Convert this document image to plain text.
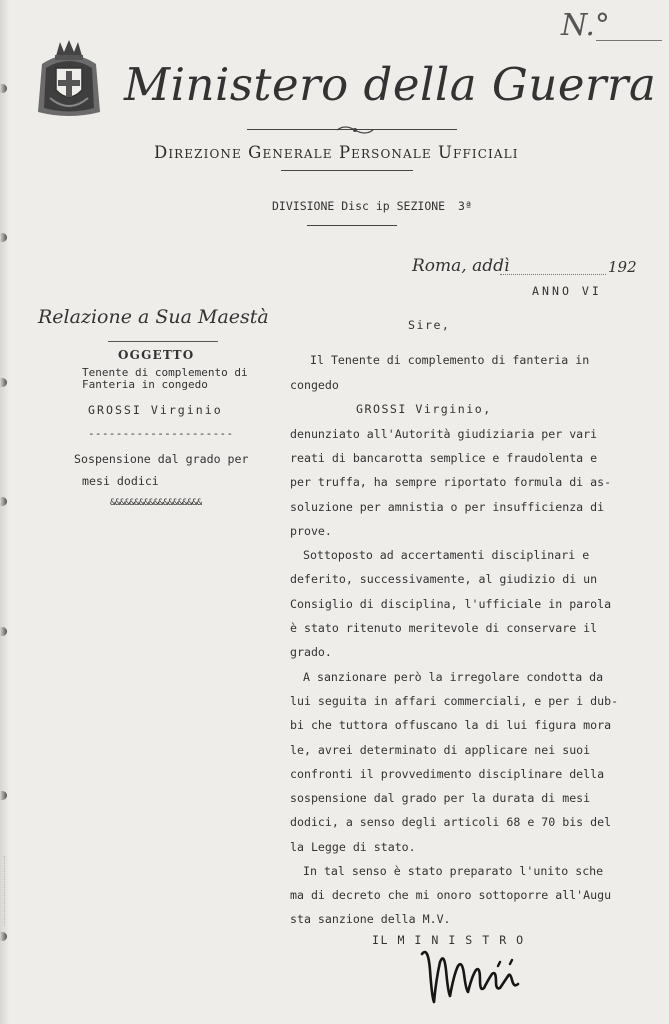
N.°
Ministero della Guerra
Direzione Generale Personale Ufficiali
DIVISIONE Disc ip SEZIONE 3ª
Roma, addì	192
ANNO VI
Relazione a Sua Maestà
OGGETTO
Tenente di complemento di
Fanteria in congedo
GROSSI Virginio
---------------------
Sospensione dal grado per
mesi dodici
&&&&&&&&&&&&&&&&&&&
Sire,
Il Tenente di complemento di fanteria in
congedo
GROSSI Virginio,
denunziato all'Autorità giudiziaria per vari
reati di bancarotta semplice e fraudolenta e
per truffa, ha sempre riportato formula di as-
soluzione per amnistia o per insufficienza di
prove.
Sottoposto ad accertamenti disciplinari e
deferito, successivamente, al giudizio di un
Consiglio di disciplina, l'ufficiale in parola
è stato ritenuto meritevole di conservare il
grado.
A sanzionare però la irregolare condotta da
lui seguita in affari commerciali, e per i dub-
bi che tuttora offuscano la di lui figura mora
le, avrei determinato di applicare nei suoi
confronti il provvedimento disciplinare della
sospensione dal grado per la durata di mesi
dodici, a senso degli articoli 68 e 70 bis del
la Legge di stato.
In tal senso è stato preparato l'unito sche
ma di decreto che mi onoro sottoporre all'Augu
sta sanzione della M.V.
IL M I N I S T R O
